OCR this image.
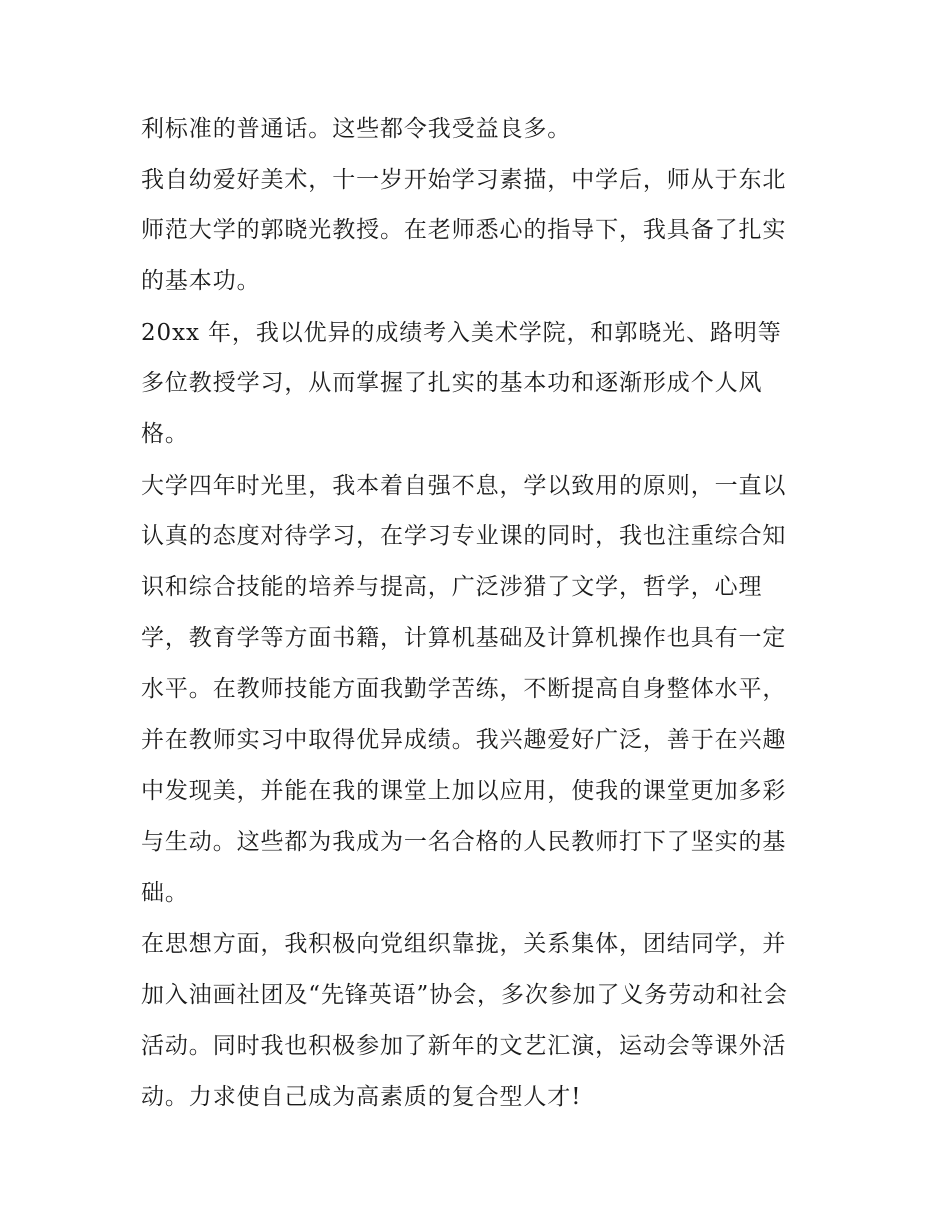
利标准的普通话。这些都令我受益良多。
我自幼爱好美术，十一岁开始学习素描，中学后，师从于东北
师范大学的郭晓光教授。在老师悉心的指导下，我具备了扎实
的基本功。
20xx 年，我以优异的成绩考入美术学院，和郭晓光、路明等
多位教授学习，从而掌握了扎实的基本功和逐渐形成个人风
格。
大学四年时光里，我本着自强不息，学以致用的原则，一直以
认真的态度对待学习，在学习专业课的同时，我也注重综合知
识和综合技能的培养与提高，广泛涉猎了文学，哲学，心理
学，教育学等方面书籍，计算机基础及计算机操作也具有一定
水平。在教师技能方面我勤学苦练，不断提高自身整体水平，
并在教师实习中取得优异成绩。我兴趣爱好广泛，善于在兴趣
中发现美，并能在我的课堂上加以应用，使我的课堂更加多彩
与生动。这些都为我成为一名合格的人民教师打下了坚实的基
础。
在思想方面，我积极向党组织靠拢，关系集体，团结同学，并
加入油画社团及“先锋英语”协会，多次参加了义务劳动和社会
活动。同时我也积极参加了新年的文艺汇演，运动会等课外活
动。力求使自己成为高素质的复合型人才!
